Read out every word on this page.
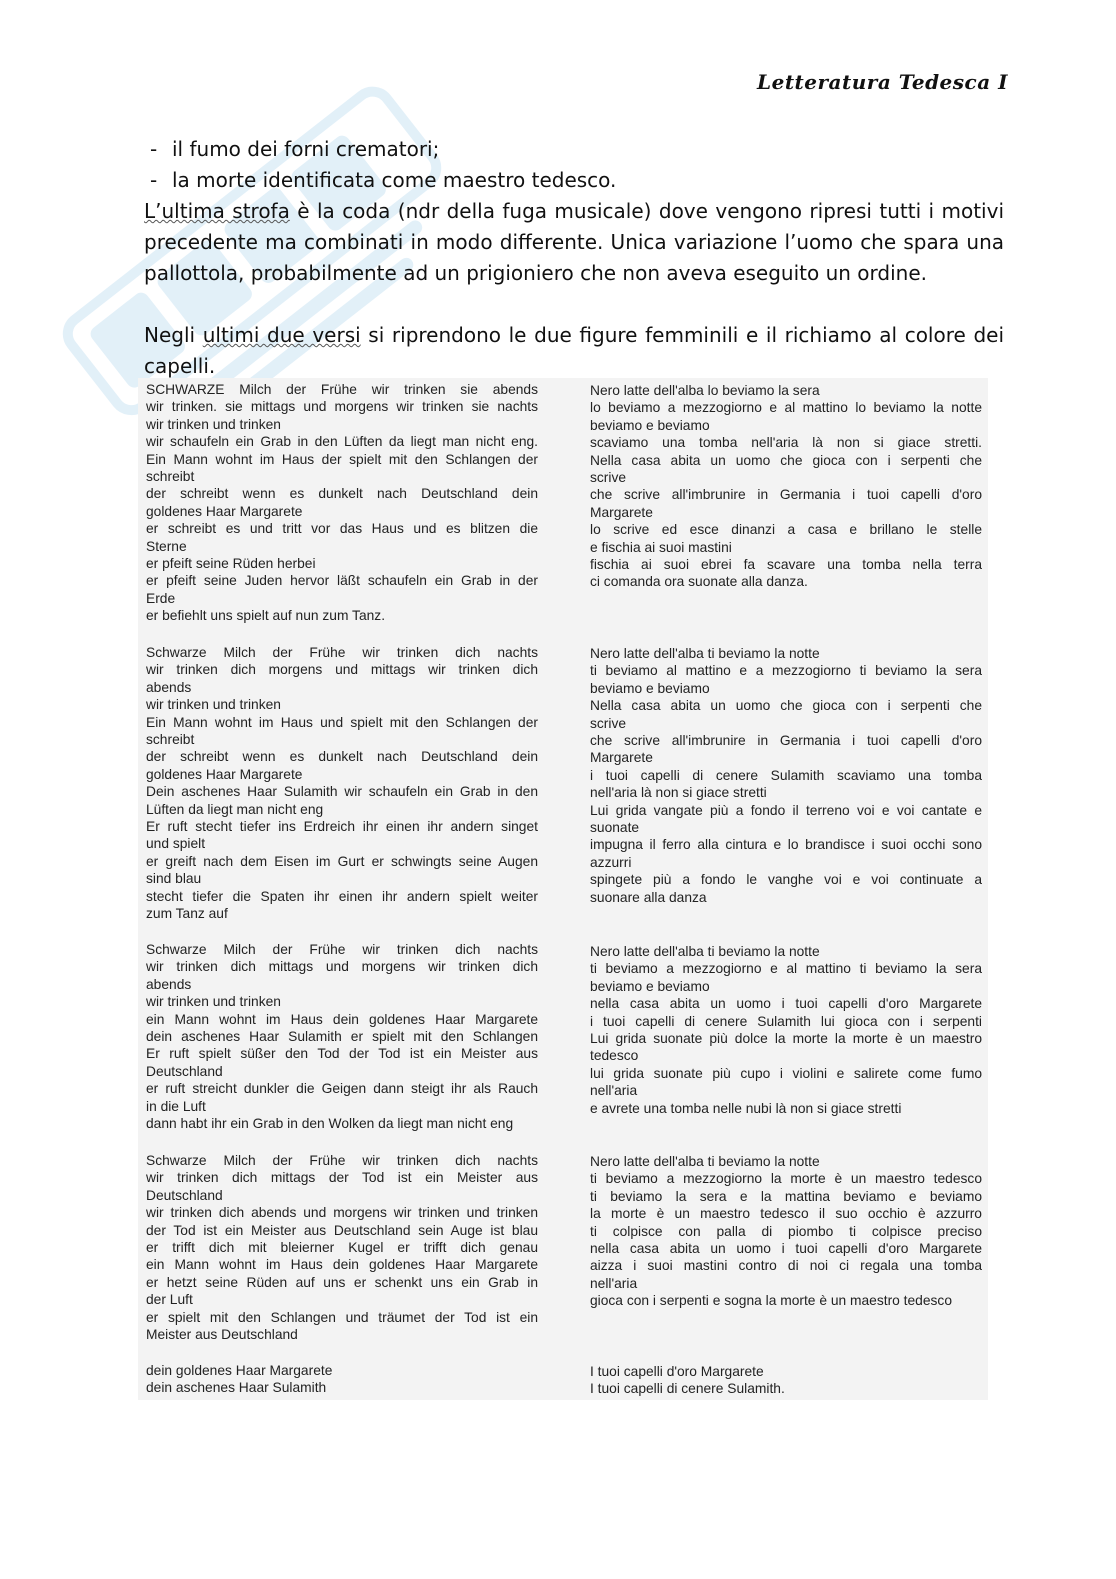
Letteratura Tedesca I
- il fumo dei forni crematori;
- la morte identificata come maestro tedesco.
L’ultima strofa è la coda (ndr della fuga musicale) dove vengono ripresi tutti i motivi precedente ma combinati in modo differente. Unica variazione l’uomo che spara una pallottola, probabilmente ad un prigioniero che non aveva eseguito un ordine.
Negli ultimi due versi si riprendono le due figure femminili e il richiamo al colore dei capelli.
SCHWARZE Milch der Frühe wir trinken sie abends
wir trinken. sie mittags und morgens wir trinken sie nachts
wir trinken und trinken
wir schaufeln ein Grab in den Lüften da liegt man nicht eng.
Ein Mann wohnt im Haus der spielt mit den Schlangen der
schreibt
der schreibt wenn es dunkelt nach Deutschland dein
goldenes Haar Margarete
er schreibt es und tritt vor das Haus und es blitzen die
Sterne
er pfeift seine Rüden herbei
er pfeift seine Juden hervor läßt schaufeln ein Grab in der
Erde
er befiehlt uns spielt auf nun zum Tanz.
Schwarze Milch der Frühe wir trinken dich nachts
wir trinken dich morgens und mittags wir trinken dich
abends
wir trinken und trinken
Ein Mann wohnt im Haus und spielt mit den Schlangen der
schreibt
der schreibt wenn es dunkelt nach Deutschland dein
goldenes Haar Margarete
Dein aschenes Haar Sulamith wir schaufeln ein Grab in den
Lüften da liegt man nicht eng
Er ruft stecht tiefer ins Erdreich ihr einen ihr andern singet
und spielt
er greift nach dem Eisen im Gurt er schwingts seine Augen
sind blau
stecht tiefer die Spaten ihr einen ihr andern spielt weiter
zum Tanz auf
Schwarze Milch der Frühe wir trinken dich nachts
wir trinken dich mittags und morgens wir trinken dich
abends
wir trinken und trinken
ein Mann wohnt im Haus dein goldenes Haar Margarete
dein aschenes Haar Sulamith er spielt mit den Schlangen
Er ruft spielt süßer den Tod der Tod ist ein Meister aus
Deutschland
er ruft streicht dunkler die Geigen dann steigt ihr als Rauch
in die Luft
dann habt ihr ein Grab in den Wolken da liegt man nicht eng
Schwarze Milch der Frühe wir trinken dich nachts
wir trinken dich mittags der Tod ist ein Meister aus
Deutschland
wir trinken dich abends und morgens wir trinken und trinken
der Tod ist ein Meister aus Deutschland sein Auge ist blau
er trifft dich mit bleierner Kugel er trifft dich genau
ein Mann wohnt im Haus dein goldenes Haar Margarete
er hetzt seine Rüden auf uns er schenkt uns ein Grab in
der Luft
er spielt mit den Schlangen und träumet der Tod ist ein
Meister aus Deutschland
dein goldenes Haar Margarete
dein aschenes Haar Sulamith
Nero latte dell'alba lo beviamo la sera
lo beviamo a mezzogiorno e al mattino lo beviamo la notte
beviamo e beviamo
scaviamo una tomba nell'aria là non si giace stretti.
Nella casa abita un uomo che gioca con i serpenti che
scrive
che scrive all'imbrunire in Germania i tuoi capelli d'oro
Margarete
lo scrive ed esce dinanzi a casa e brillano le stelle
e fischia ai suoi mastini
fischia ai suoi ebrei fa scavare una tomba nella terra
ci comanda ora suonate alla danza.
Nero latte dell'alba ti beviamo la notte
ti beviamo al mattino e a mezzogiorno ti beviamo la sera
beviamo e beviamo
Nella casa abita un uomo che gioca con i serpenti che
scrive
che scrive all'imbrunire in Germania i tuoi capelli d'oro
Margarete
i tuoi capelli di cenere Sulamith scaviamo una tomba
nell'aria là non si giace stretti
Lui grida vangate più a fondo il terreno voi e voi cantate e
suonate
impugna il ferro alla cintura e lo brandisce i suoi occhi sono
azzurri
spingete più a fondo le vanghe voi e voi continuate a
suonare alla danza
Nero latte dell'alba ti beviamo la notte
ti beviamo a mezzogiorno e al mattino ti beviamo la sera
beviamo e beviamo
nella casa abita un uomo i tuoi capelli d'oro Margarete
i tuoi capelli di cenere Sulamith lui gioca con i serpenti
Lui grida suonate più dolce la morte la morte è un maestro
tedesco
lui grida suonate più cupo i violini e salirete come fumo
nell'aria
e avrete una tomba nelle nubi là non si giace stretti
Nero latte dell'alba ti beviamo la notte
ti beviamo a mezzogiorno la morte è un maestro tedesco
ti beviamo la sera e la mattina beviamo e beviamo
la morte è un maestro tedesco il suo occhio è azzurro
ti colpisce con palla di piombo ti colpisce preciso
nella casa abita un uomo i tuoi capelli d'oro Margarete
aizza i suoi mastini contro di noi ci regala una tomba
nell'aria
gioca con i serpenti e sogna la morte è un maestro tedesco
I tuoi capelli d'oro Margarete
I tuoi capelli di cenere Sulamith.
